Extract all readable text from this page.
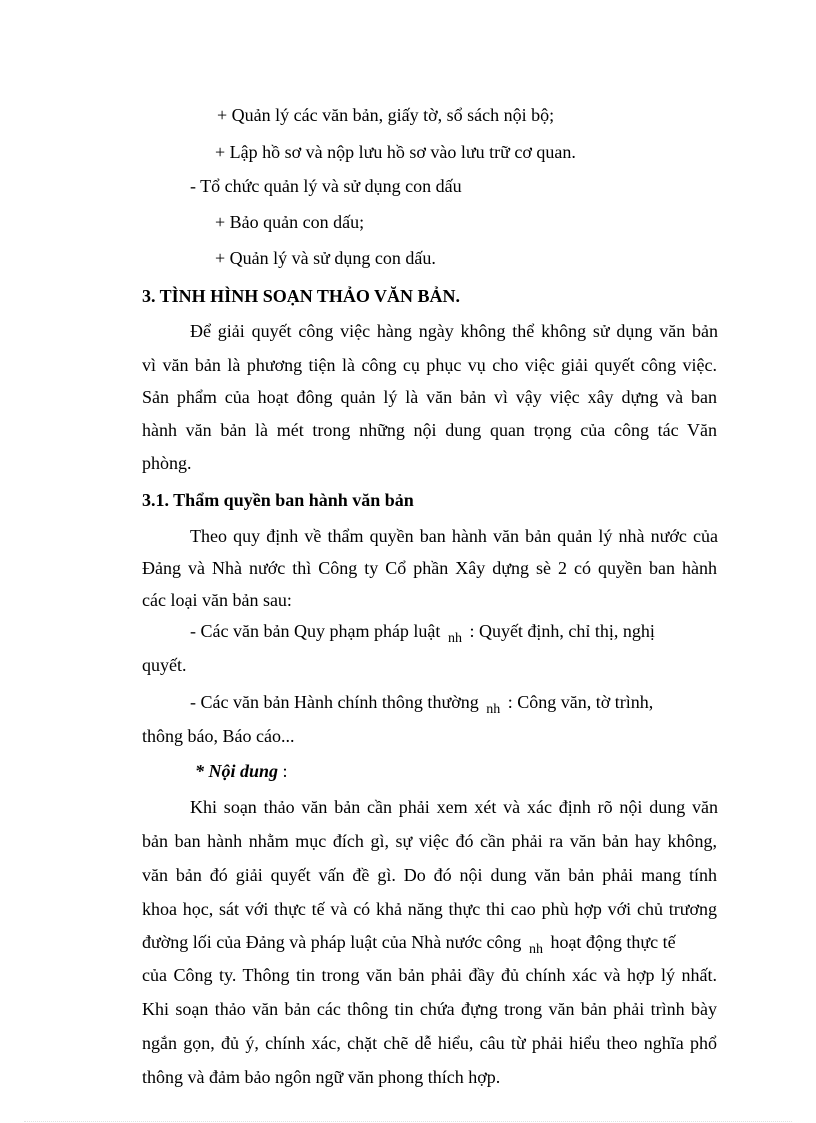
+ Quản lý các văn bản, giấy tờ, sổ sách nội bộ;
+ Lập hồ sơ và nộp lưu hồ sơ vào lưu trữ cơ quan.
- Tổ chức quản lý và sử dụng con dấu
+ Bảo quản con dấu;
+ Quản lý và sử dụng con dấu.
3. TÌNH HÌNH SOẠN THẢO VĂN BẢN.
Để giải quyết công việc hàng ngày không thể không sử dụng văn bản
vì văn bản là phương tiện là công cụ phục vụ cho việc giải quyết công việc.
Sản phẩm của hoạt đông quản lý là văn bản vì vậy việc xây dựng và ban
hành văn bản là mét trong những nội dung quan trọng của công tác Văn
phòng.
3.1. Thẩm quyền ban hành văn bản
Theo quy định về thẩm quyền ban hành văn bản quản lý nhà nước của
Đảng và Nhà nước thì Công ty Cổ phần Xây dựng sè 2 có quyền ban hành
các loại văn bản sau:
- Các văn bản Quy phạm pháp luật $_{nh}$ : Quyết định, chỉ thị, nghị
quyết.
- Các văn bản Hành chính thông thường $_{nh}$ : Công văn, tờ trình,
thông báo, Báo cáo...
* Nội dung :
Khi soạn thảo văn bản cần phải xem xét và xác định rõ nội dung văn
bản ban hành nhằm mục đích gì, sự việc đó cần phải ra văn bản hay không,
văn bản đó giải quyết vấn đề gì. Do đó nội dung văn bản phải mang tính
khoa học, sát với thực tế và có khả năng thực thi cao phù hợp với chủ trương
đường lối của Đảng và pháp luật của Nhà nước công $_{nh}$ hoạt động thực tế
của Công ty. Thông tin trong văn bản phải đầy đủ chính xác và hợp lý nhất.
Khi soạn thảo văn bản các thông tin chứa đựng trong văn bản phải trình bày
ngắn gọn, đủ ý, chính xác, chặt chẽ dễ hiểu, câu từ phải hiểu theo nghĩa phổ
thông và đảm bảo ngôn ngữ văn phong thích hợp.
